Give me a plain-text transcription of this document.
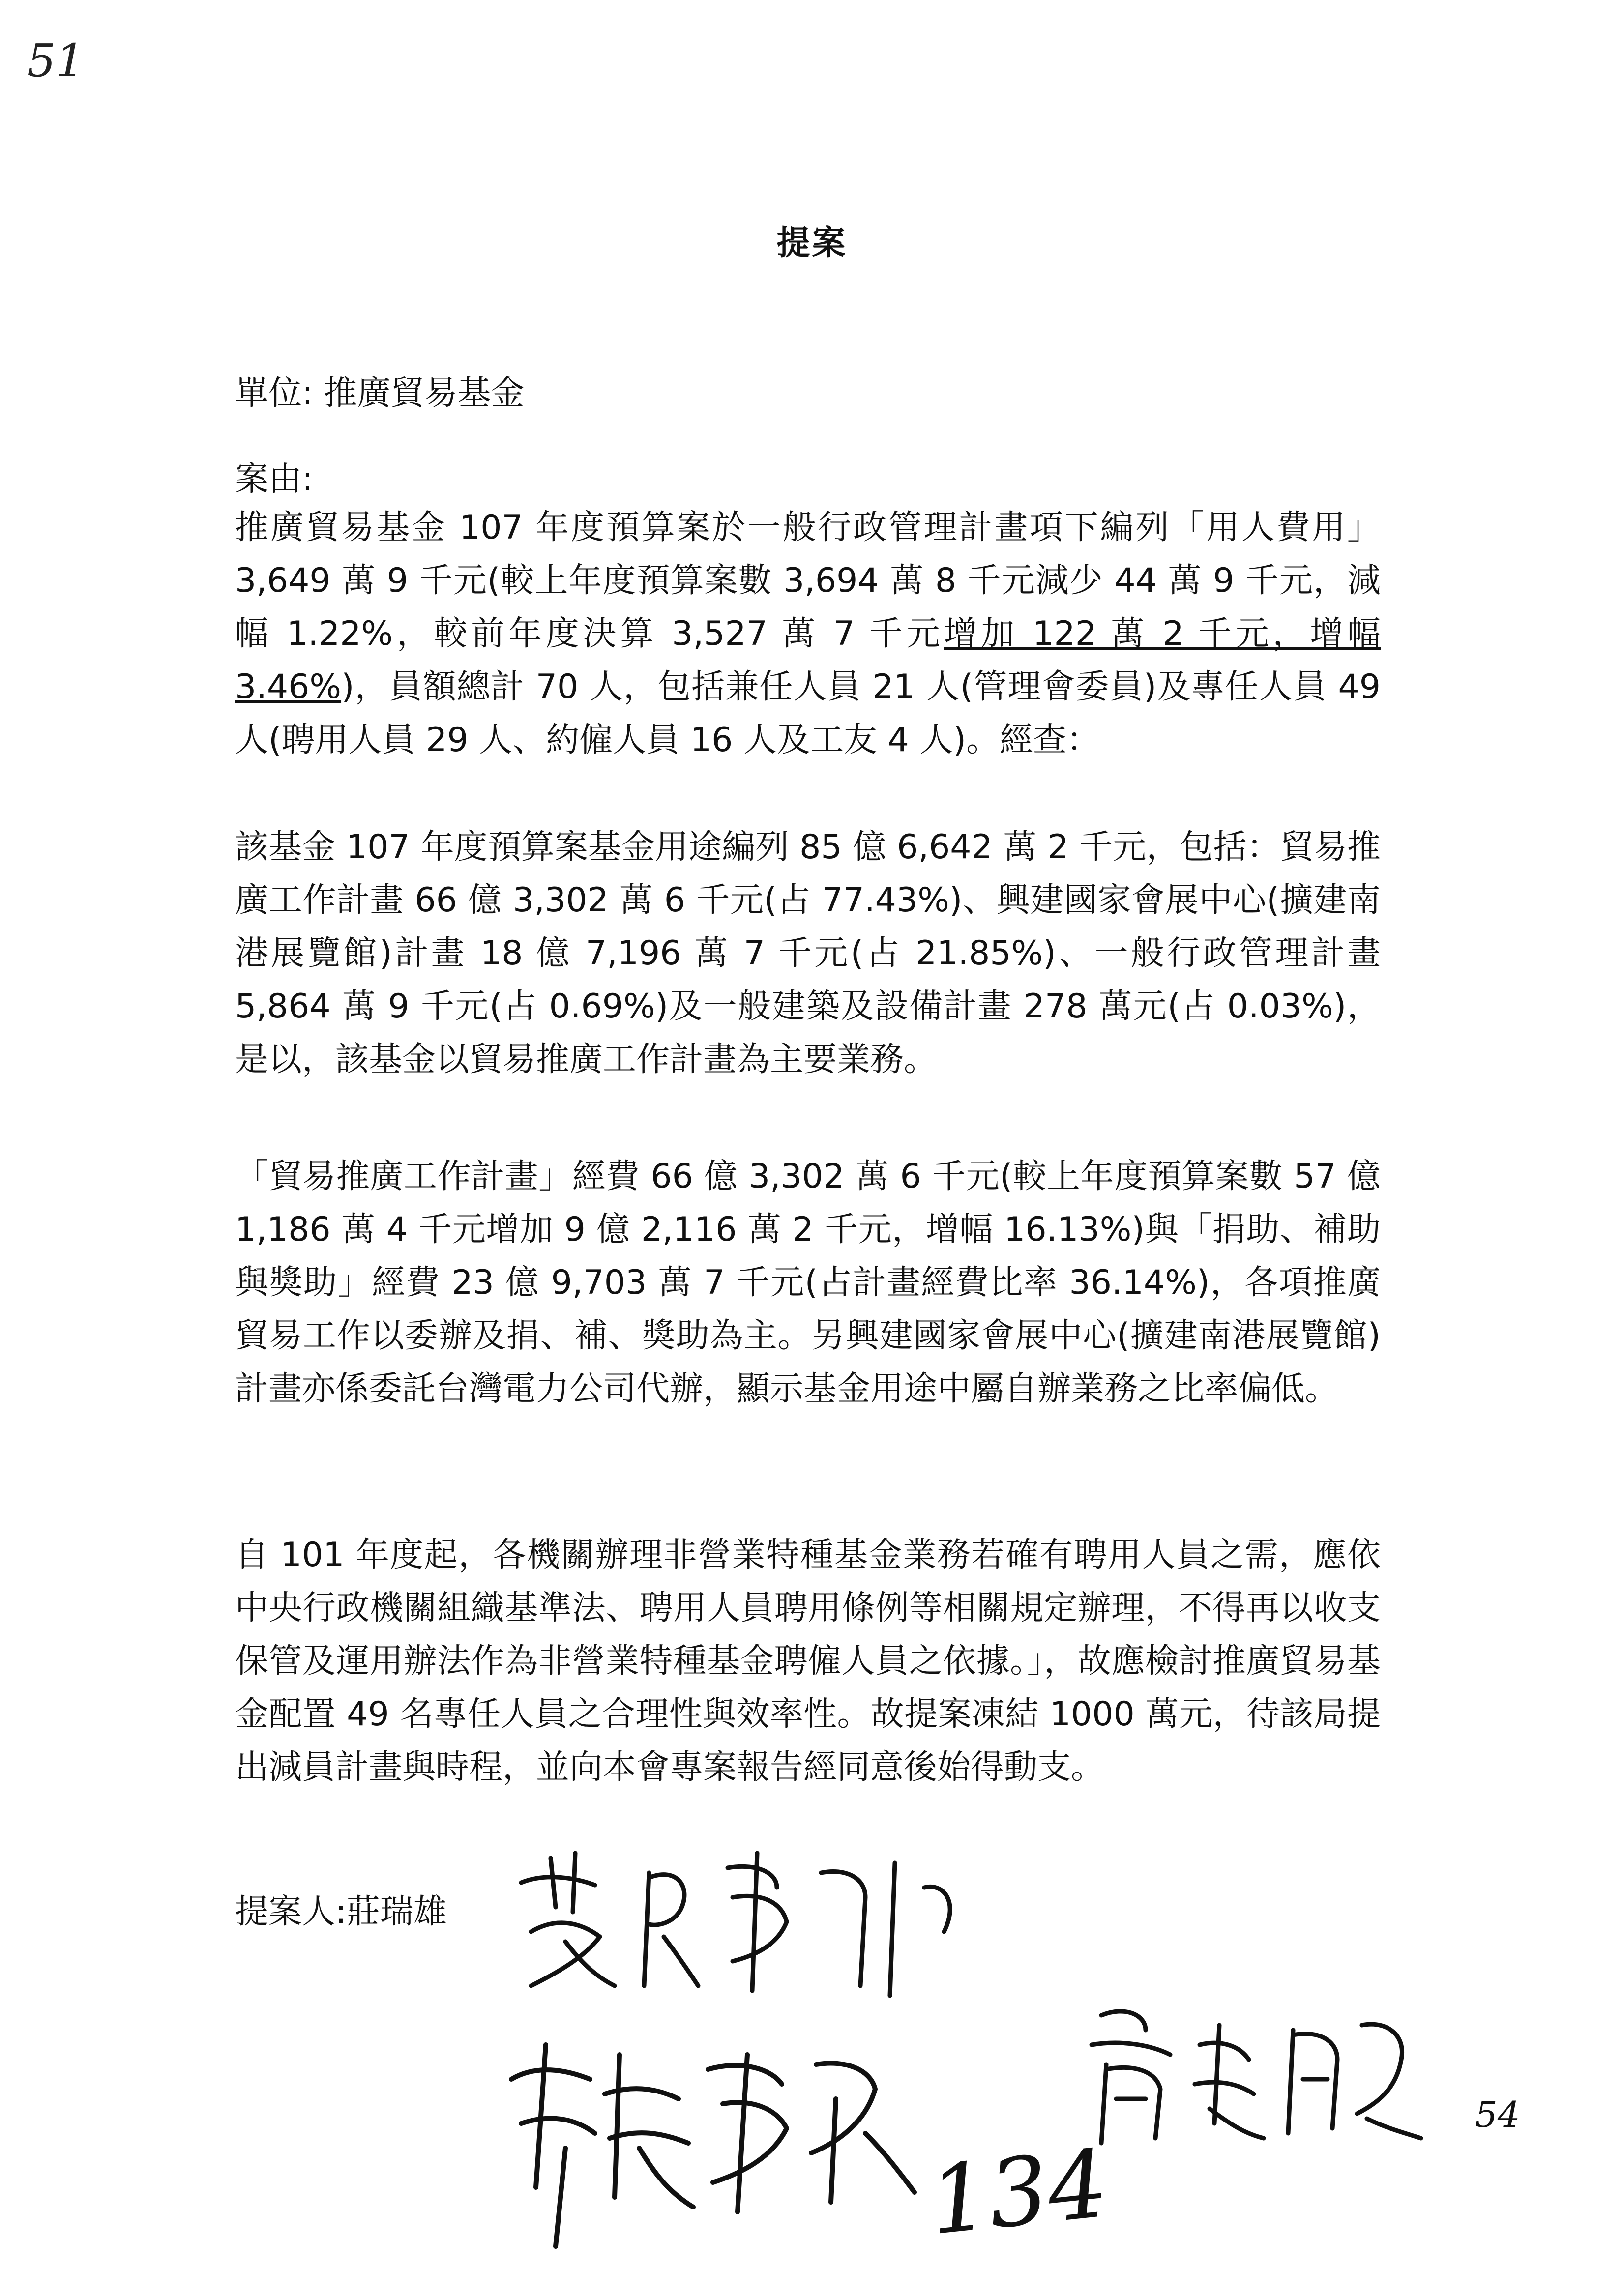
51
提案
單位: 推廣貿易基金
案由:
推廣貿易基金 107 年度預算案於一般行政管理計畫項下編列「用人費用」3,649 萬 9 千元(較上年度預算案數 3,694 萬 8 千元減少 44 萬 9 千元，減幅 1.22%，較前年度決算 3,527 萬 7 千元增加 122 萬 2 千元，增幅 3.46%)，員額總計 70 人，包括兼任人員 21 人(管理會委員)及專任人員 49 人(聘用人員 29 人、約僱人員 16 人及工友 4 人)。經查：
該基金 107 年度預算案基金用途編列 85 億 6,642 萬 2 千元，包括：貿易推廣工作計畫 66 億 3,302 萬 6 千元(占 77.43%)、興建國家會展中心(擴建南港展覽館)計畫 18 億 7,196 萬 7 千元(占 21.85%)、一般行政管理計畫 5,864 萬 9 千元(占 0.69%)及一般建築及設備計畫 278 萬元(占 0.03%)，是以，該基金以貿易推廣工作計畫為主要業務。
「貿易推廣工作計畫」經費 66 億 3,302 萬 6 千元(較上年度預算案數 57 億 1,186 萬 4 千元增加 9 億 2,116 萬 2 千元，增幅 16.13%)與「捐助、補助與獎助」經費 23 億 9,703 萬 7 千元(占計畫經費比率 36.14%)，各項推廣貿易工作以委辦及捐、補、獎助為主。另興建國家會展中心(擴建南港展覽館)計畫亦係委託台灣電力公司代辦，顯示基金用途中屬自辦業務之比率偏低。
自 101 年度起，各機關辦理非營業特種基金業務若確有聘用人員之需，應依中央行政機關組織基準法、聘用人員聘用條例等相關規定辦理，不得再以收支保管及運用辦法作為非營業特種基金聘僱人員之依據。」，故應檢討推廣貿易基金配置 49 名專任人員之合理性與效率性。故提案凍結 1000 萬元，待該局提出減員計畫與時程，並向本會專案報告經同意後始得動支。
提案人:莊瑞雄
134
54
